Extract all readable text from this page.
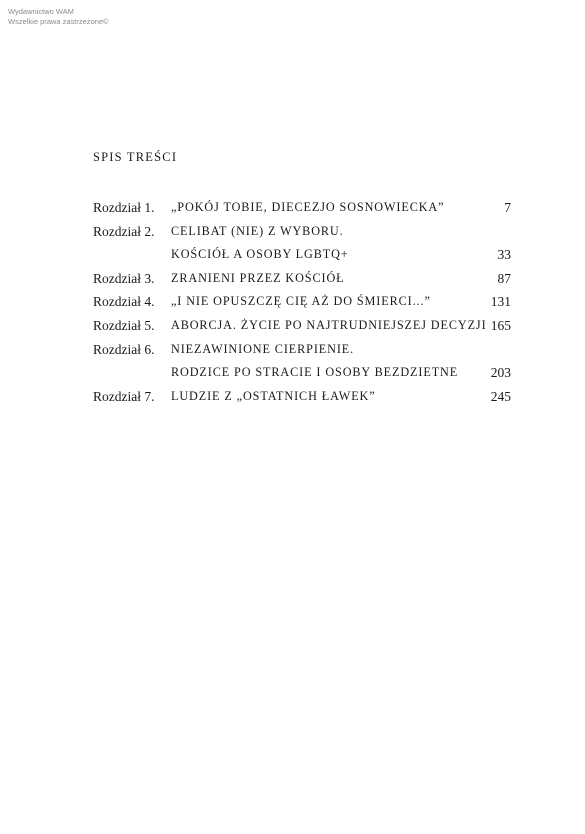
Wydawnictwo WAM
Wszelkie prawa zastrzeżone©
SPIS TREŚCI
Rozdział 1. „POKÓJ TOBIE, DIECEZJO SOSNOWIECKA”	7
Rozdział 2. CELIBAT (NIE) Z WYBORU.
KOŚCIÓŁ A OSOBY LGBTQ+	33
Rozdział 3. ZRANIENI PRZEZ KOŚCIÓŁ	87
Rozdział 4. „I NIE OPUSZCZĘ CIĘ AŻ DO ŚMIERCI...”	131
Rozdział 5. ABORCJA. ŻYCIE PO NAJTRUDNIEJSZEJ DECYZJI 165
Rozdział 6. NIEZAWINIONE CIERPIENIE.
RODZICE PO STRACIE I OSOBY BEZDZIETNE 203
Rozdział 7. LUDZIE Z „OSTATNICH ŁAWEK”	245
